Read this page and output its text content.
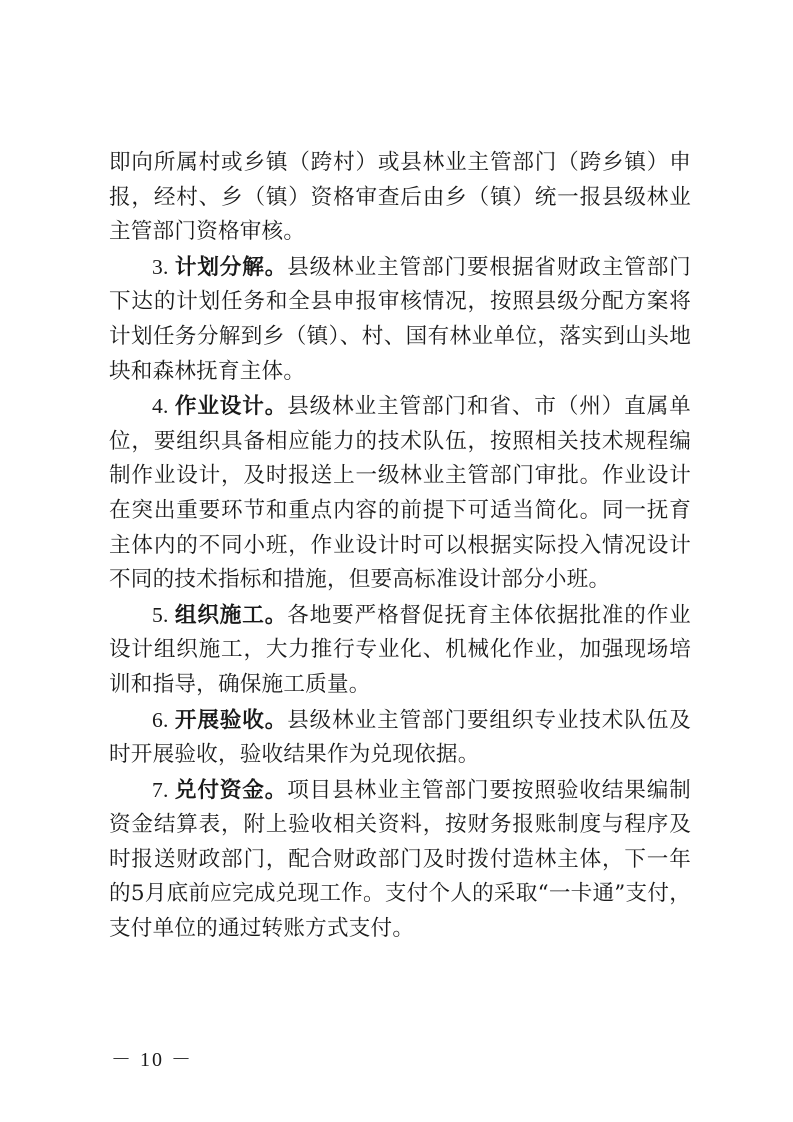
即向所属村或乡镇（跨村）或县林业主管部门（跨乡镇）申报，经村、乡（镇）资格审查后由乡（镇）统一报县级林业主管部门资格审核。

3. 计划分解。县级林业主管部门要根据省财政主管部门下达的计划任务和全县申报审核情况，按照县级分配方案将计划任务分解到乡（镇）、村、国有林业单位，落实到山头地块和森林抚育主体。

4. 作业设计。县级林业主管部门和省、市（州）直属单位，要组织具备相应能力的技术队伍，按照相关技术规程编制作业设计，及时报送上一级林业主管部门审批。作业设计在突出重要环节和重点内容的前提下可适当简化。同一抚育主体内的不同小班，作业设计时可以根据实际投入情况设计不同的技术指标和措施，但要高标准设计部分小班。

5. 组织施工。各地要严格督促抚育主体依据批准的作业设计组织施工，大力推行专业化、机械化作业，加强现场培训和指导，确保施工质量。

6. 开展验收。县级林业主管部门要组织专业技术队伍及时开展验收，验收结果作为兑现依据。

7. 兑付资金。项目县林业主管部门要按照验收结果编制资金结算表，附上验收相关资料，按财务报账制度与程序及时报送财政部门，配合财政部门及时拨付造林主体，下一年的5月底前应完成兑现工作。支付个人的采取“一卡通”支付，支付单位的通过转账方式支付。

－ 10 －
